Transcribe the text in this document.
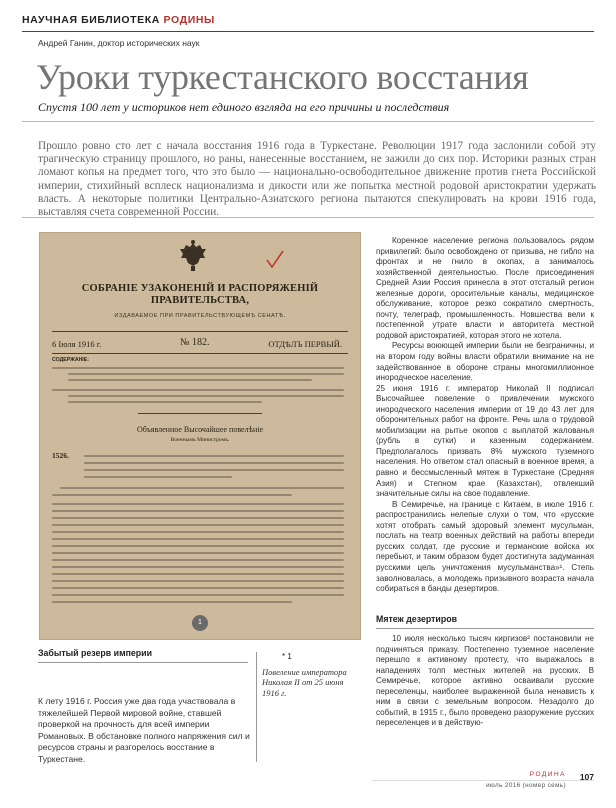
НАУЧНАЯ БИБЛИОТЕКА РОДИНЫ
Андрей Ганин, доктор исторических наук
Уроки туркестанского восстания
Спустя 100 лет у историков нет единого взгляда на его причины и последствия

Прошло ровно сто лет с начала восстания 1916 года в Туркестане. Революции 1917 года заслонили собой эту трагическую страницу прошлого, но раны, нанесенные восстанием, не зажили до сих пор. Историки разных стран ломают копья на предмет того, что это было — национально-освободительное движение против гнета Российской империи, стихийный всплеск национализма и дикости или же попытка местной родовой аристократии удержать власть. А некоторые политики Центрально-Азиатского региона пытаются спекулировать на крови 1916 года, выставляя счета современной России.

СОБРАНІЕ УЗАКОНЕНІЙ И РАСПОРЯЖЕНІЙ ПРАВИТЕЛЬСТВА,
ИЗДАВАЕМОЕ ПРИ ПРАВИТЕЛЬСТВУЮЩЕМЪ СЕНАТѢ.
6 Іюля 1916 г.	№ 182.	ОТДѢЛЪ ПЕРВЫЙ.
СОДЕРЖАНІЕ:
Объявленное Высочайшее повелѣніе
Военнымъ Министромъ.
1526.
1
* 1
Повеление императора Николая II от 25 июня 1916 г.
Забытый резерв империи

К лету 1916 г. Россия уже два года участвовала в тяжелейшей Первой мировой войне, ставшей проверкой на прочность для всей империи Романовых. В обстановке полного напряжения сил и ресурсов страны и разгорелось восстание в Туркестане.

Коренное население региона пользовалось рядом привилегий: было освобождено от призыва, не гибло на фронтах и не гнило в окопах, а занималось хозяйственной деятельностью. После присоединения Средней Азии Россия принесла в этот отсталый регион железные дороги, оросительные каналы, медицинское обслуживание, которое резко сократило смертность, почту, телеграф, промышленность. Новшества вели к постепенной утрате власти и авторитета местной родовой аристократией, которая этого не хотела.

Ресурсы воюющей империи были не безграничны, и на втором году войны власти обратили внимание на не задействованное в обороне страны многомиллионное инородческое население.

25 июня 1916 г. император Николай II подписал Высочайшее повеление о привлечении мужского инородческого населения империи от 19 до 43 лет для оборонительных работ на фронте. Речь шла о трудовой мобилизации на рытье окопов с выплатой жалованья (рубль в сутки) и казенным содержанием. Предполагалось призвать 8% мужского туземного населения. Но ответом стал опасный в военное время, а равно и бессмысленный мятеж в Туркестане (Средняя Азия) и Степном крае (Казахстан), отвлекший значительные силы на свое подавление.

В Семиречье, на границе с Китаем, в июле 1916 г. распространились нелепые слухи о том, что «русские хотят отобрать самый здоровый элемент мусульман, послать на театр военных действий на работы впереди русских солдат, где русские и германские войска их перебьют, и таким образом будет достигнута задуманная русскими цель уничтожения мусульманства»¹. Степь заволновалась, а молодежь призывного возраста начала собираться в банды дезертиров.

Мятеж дезертиров

10 июля несколько тысяч киргизов² постановили не подчиняться приказу. Постепенно туземное население перешло к активному протесту, что выражалось в нападениях толп местных жителей на русских. В Семиречье, которое активно осваивали русские переселенцы, наиболее выраженной была ненависть к ним в связи с земельным вопросом. Незадолго до событий, в 1915 г., было проведено разоружение русских переселенцев и в действую-

РОДИНА
июль 2016 (номер семь)
107
